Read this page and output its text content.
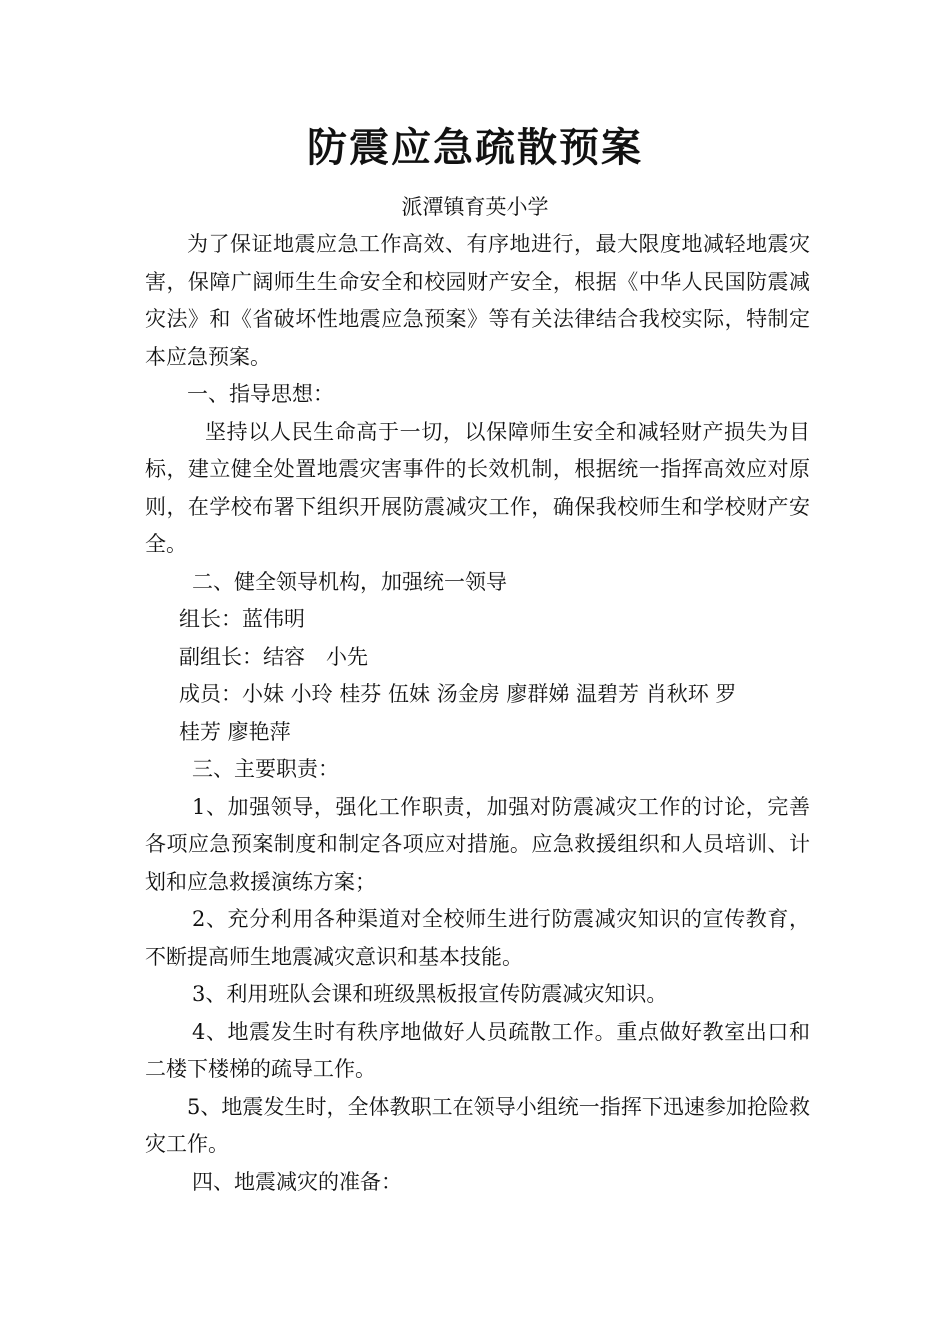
防震应急疏散预案

派潭镇育英小学

为了保证地震应急工作高效、有序地进行，最大限度地减轻地震灾害，保障广阔师生生命安全和校园财产安全，根据《中华人民国防震减灾法》和《省破坏性地震应急预案》等有关法律结合我校实际，特制定本应急预案。

一、指导思想：

坚持以人民生命高于一切，以保障师生安全和减轻财产损失为目标，建立健全处置地震灾害事件的长效机制，根据统一指挥高效应对原则，在学校布署下组织开展防震减灾工作，确保我校师生和学校财产安全。

二、健全领导机构，加强统一领导

组长：蓝伟明

副组长：结容　小先

成员：小妹 小玲 桂芬 伍妹 汤金房 廖群娣 温碧芳 肖秋环 罗

桂芳 廖艳萍

三、主要职责：

1、加强领导，强化工作职责，加强对防震减灾工作的讨论，完善各项应急预案制度和制定各项应对措施。应急救援组织和人员培训、计划和应急救援演练方案；

2、充分利用各种渠道对全校师生进行防震减灾知识的宣传教育，不断提高师生地震减灾意识和基本技能。

3、利用班队会课和班级黑板报宣传防震减灾知识。

4、地震发生时有秩序地做好人员疏散工作。重点做好教室出口和二楼下楼梯的疏导工作。

5、地震发生时，全体教职工在领导小组统一指挥下迅速参加抢险救灾工作。

四、地震减灾的准备：
